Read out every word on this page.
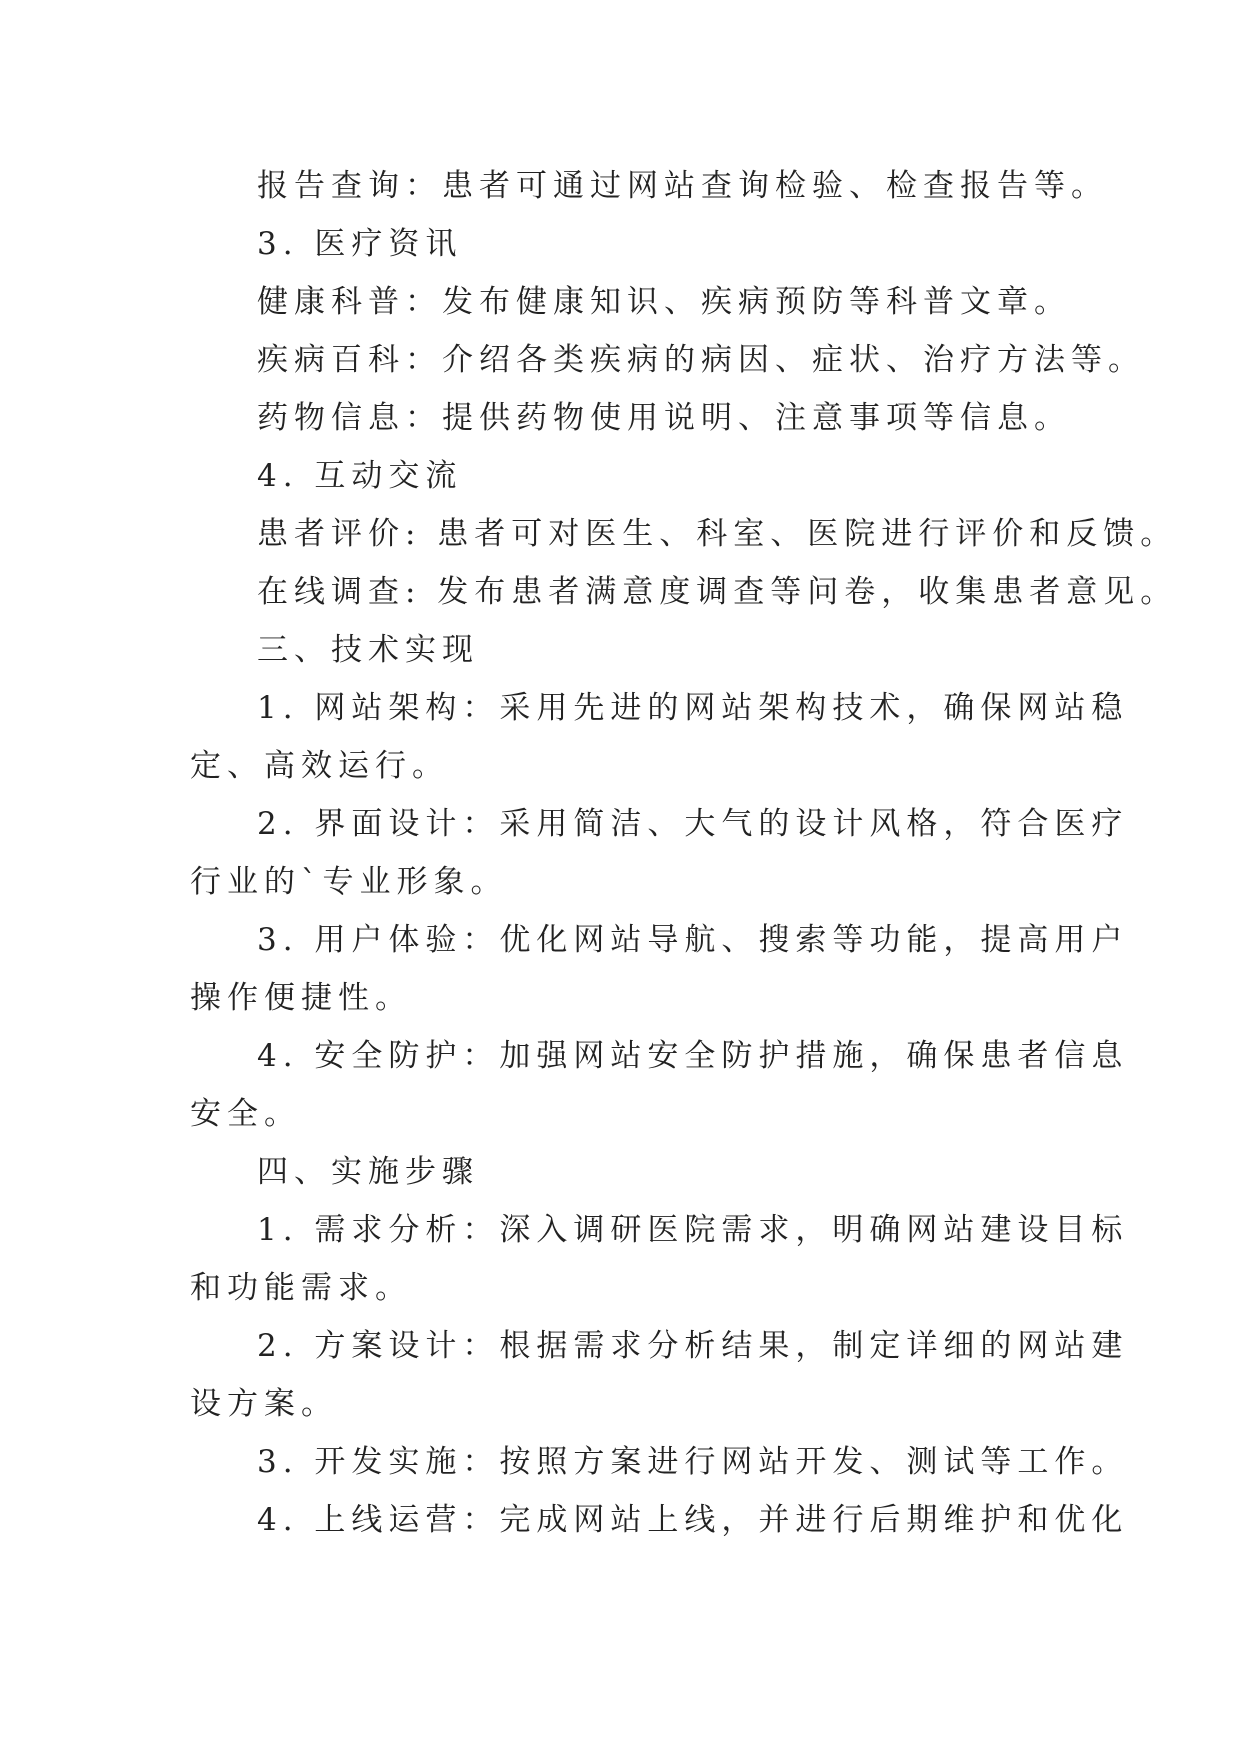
报告查询：患者可通过网站查询检验、检查报告等。
3. 医疗资讯
健康科普：发布健康知识、疾病预防等科普文章。
疾病百科：介绍各类疾病的病因、症状、治疗方法等。
药物信息：提供药物使用说明、注意事项等信息。
4. 互动交流
患者评价: 患者可对医生、科室、医院进行评价和反馈。
在线调查: 发布患者满意度调查等问卷，收集患者意见。
三、技术实现
1. 网站架构：采用先进的网站架构技术，确保网站稳
定、高效运行。
2. 界面设计：采用简洁、大气的设计风格，符合医疗
行业的`专业形象。
3. 用户体验：优化网站导航、搜索等功能，提高用户
操作便捷性。
4. 安全防护：加强网站安全防护措施，确保患者信息
安全。
四、实施步骤
1. 需求分析：深入调研医院需求，明确网站建设目标
和功能需求。
2. 方案设计：根据需求分析结果，制定详细的网站建
设方案。
3. 开发实施：按照方案进行网站开发、测试等工作。
4. 上线运营：完成网站上线，并进行后期维护和优化
